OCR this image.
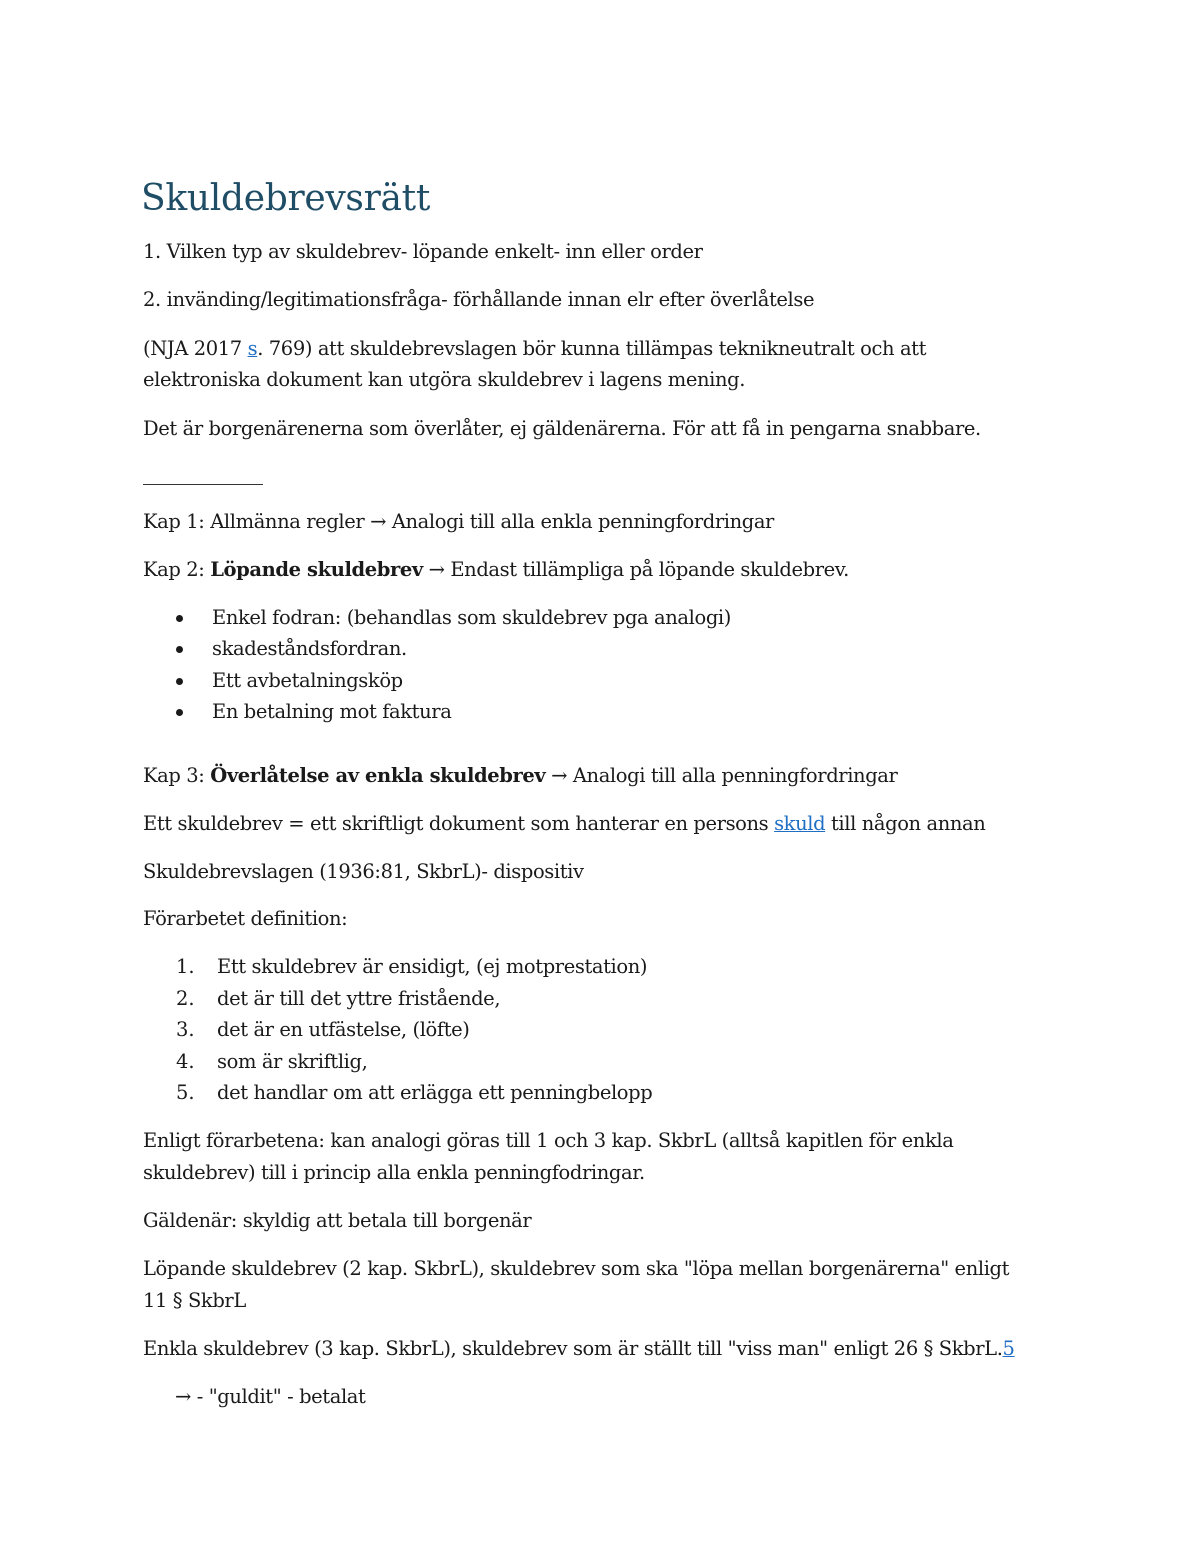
Skuldebrevsrätt
1. Vilken typ av skuldebrev- löpande enkelt- inn eller order
2. invänding/legitimationsfråga- förhållande innan elr efter överlåtelse
(NJA 2017 s. 769) att skuldebrevslagen bör kunna tillämpas teknikneutralt och att
elektroniska dokument kan utgöra skuldebrev i lagens mening.
Det är borgenärenerna som överlåter, ej gäldenärerna. För att få in pengarna snabbare.
Kap 1: Allmänna regler → Analogi till alla enkla penningfordringar
Kap 2: Löpande skuldebrev → Endast tillämpliga på löpande skuldebrev.
Enkel fodran: (behandlas som skuldebrev pga analogi)
skadeståndsfordran.
Ett avbetalningsköp
En betalning mot faktura
Kap 3: Överlåtelse av enkla skuldebrev → Analogi till alla penningfordringar
Ett skuldebrev = ett skriftligt dokument som hanterar en persons skuld till någon annan
Skuldebrevslagen (1936:81, SkbrL)- dispositiv
Förarbetet definition:
1. Ett skuldebrev är ensidigt, (ej motprestation)
2. det är till det yttre fristående,
3. det är en utfästelse, (löfte)
4. som är skriftlig,
5. det handlar om att erlägga ett penningbelopp
Enligt förarbetena: kan analogi göras till 1 och 3 kap. SkbrL (alltså kapitlen för enkla
skuldebrev) till i princip alla enkla penningfodringar.
Gäldenär: skyldig att betala till borgenär
Löpande skuldebrev (2 kap. SkbrL), skuldebrev som ska "löpa mellan borgenärerna" enligt
11 § SkbrL
Enkla skuldebrev (3 kap. SkbrL), skuldebrev som är ställt till "viss man" enligt 26 § SkbrL.5
→ - "guldit" - betalat
